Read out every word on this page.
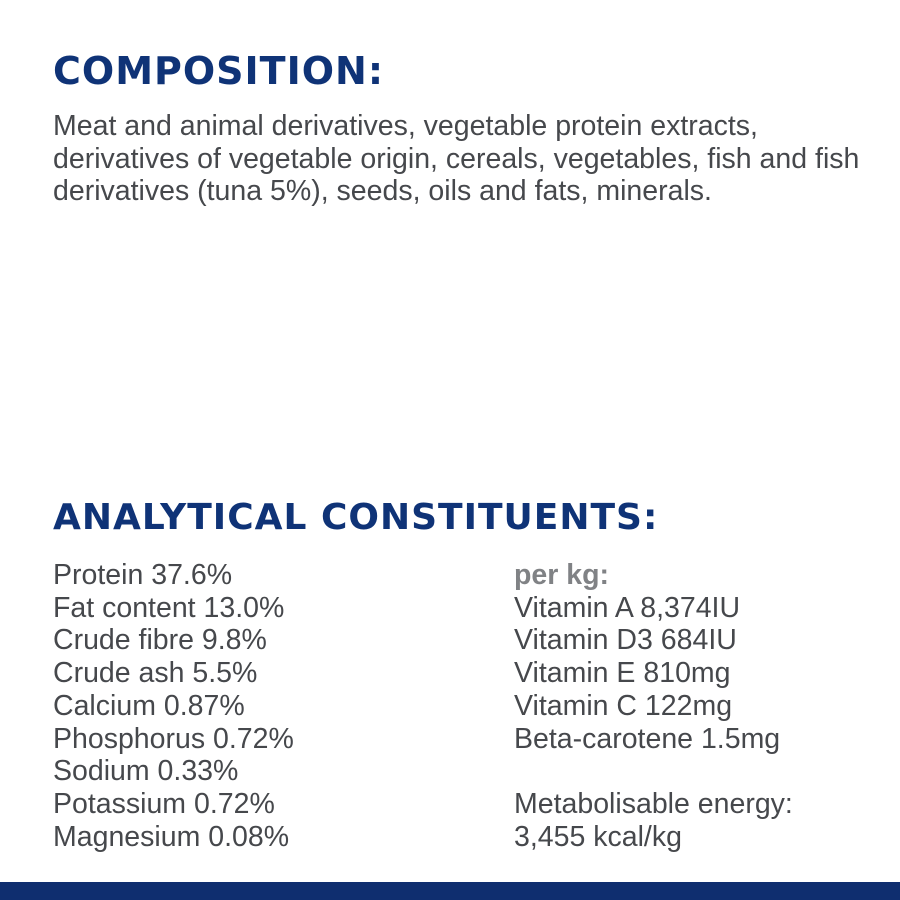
COMPOSITION:

Meat and animal derivatives, vegetable protein extracts, derivatives of vegetable origin, cereals, vegetables, fish and fish derivatives (tuna 5%), seeds, oils and fats, minerals.

ANALYTICAL CONSTITUENTS:
Protein 37.6%
Fat content 13.0%
Crude fibre 9.8%
Crude ash 5.5%
Calcium 0.87%
Phosphorus 0.72%
Sodium 0.33%
Potassium 0.72%
Magnesium 0.08%
per kg:
Vitamin A 8,374IU
Vitamin D3 684IU
Vitamin E 810mg
Vitamin C 122mg
Beta-carotene 1.5mg
Metabolisable energy:
3,455 kcal/kg
